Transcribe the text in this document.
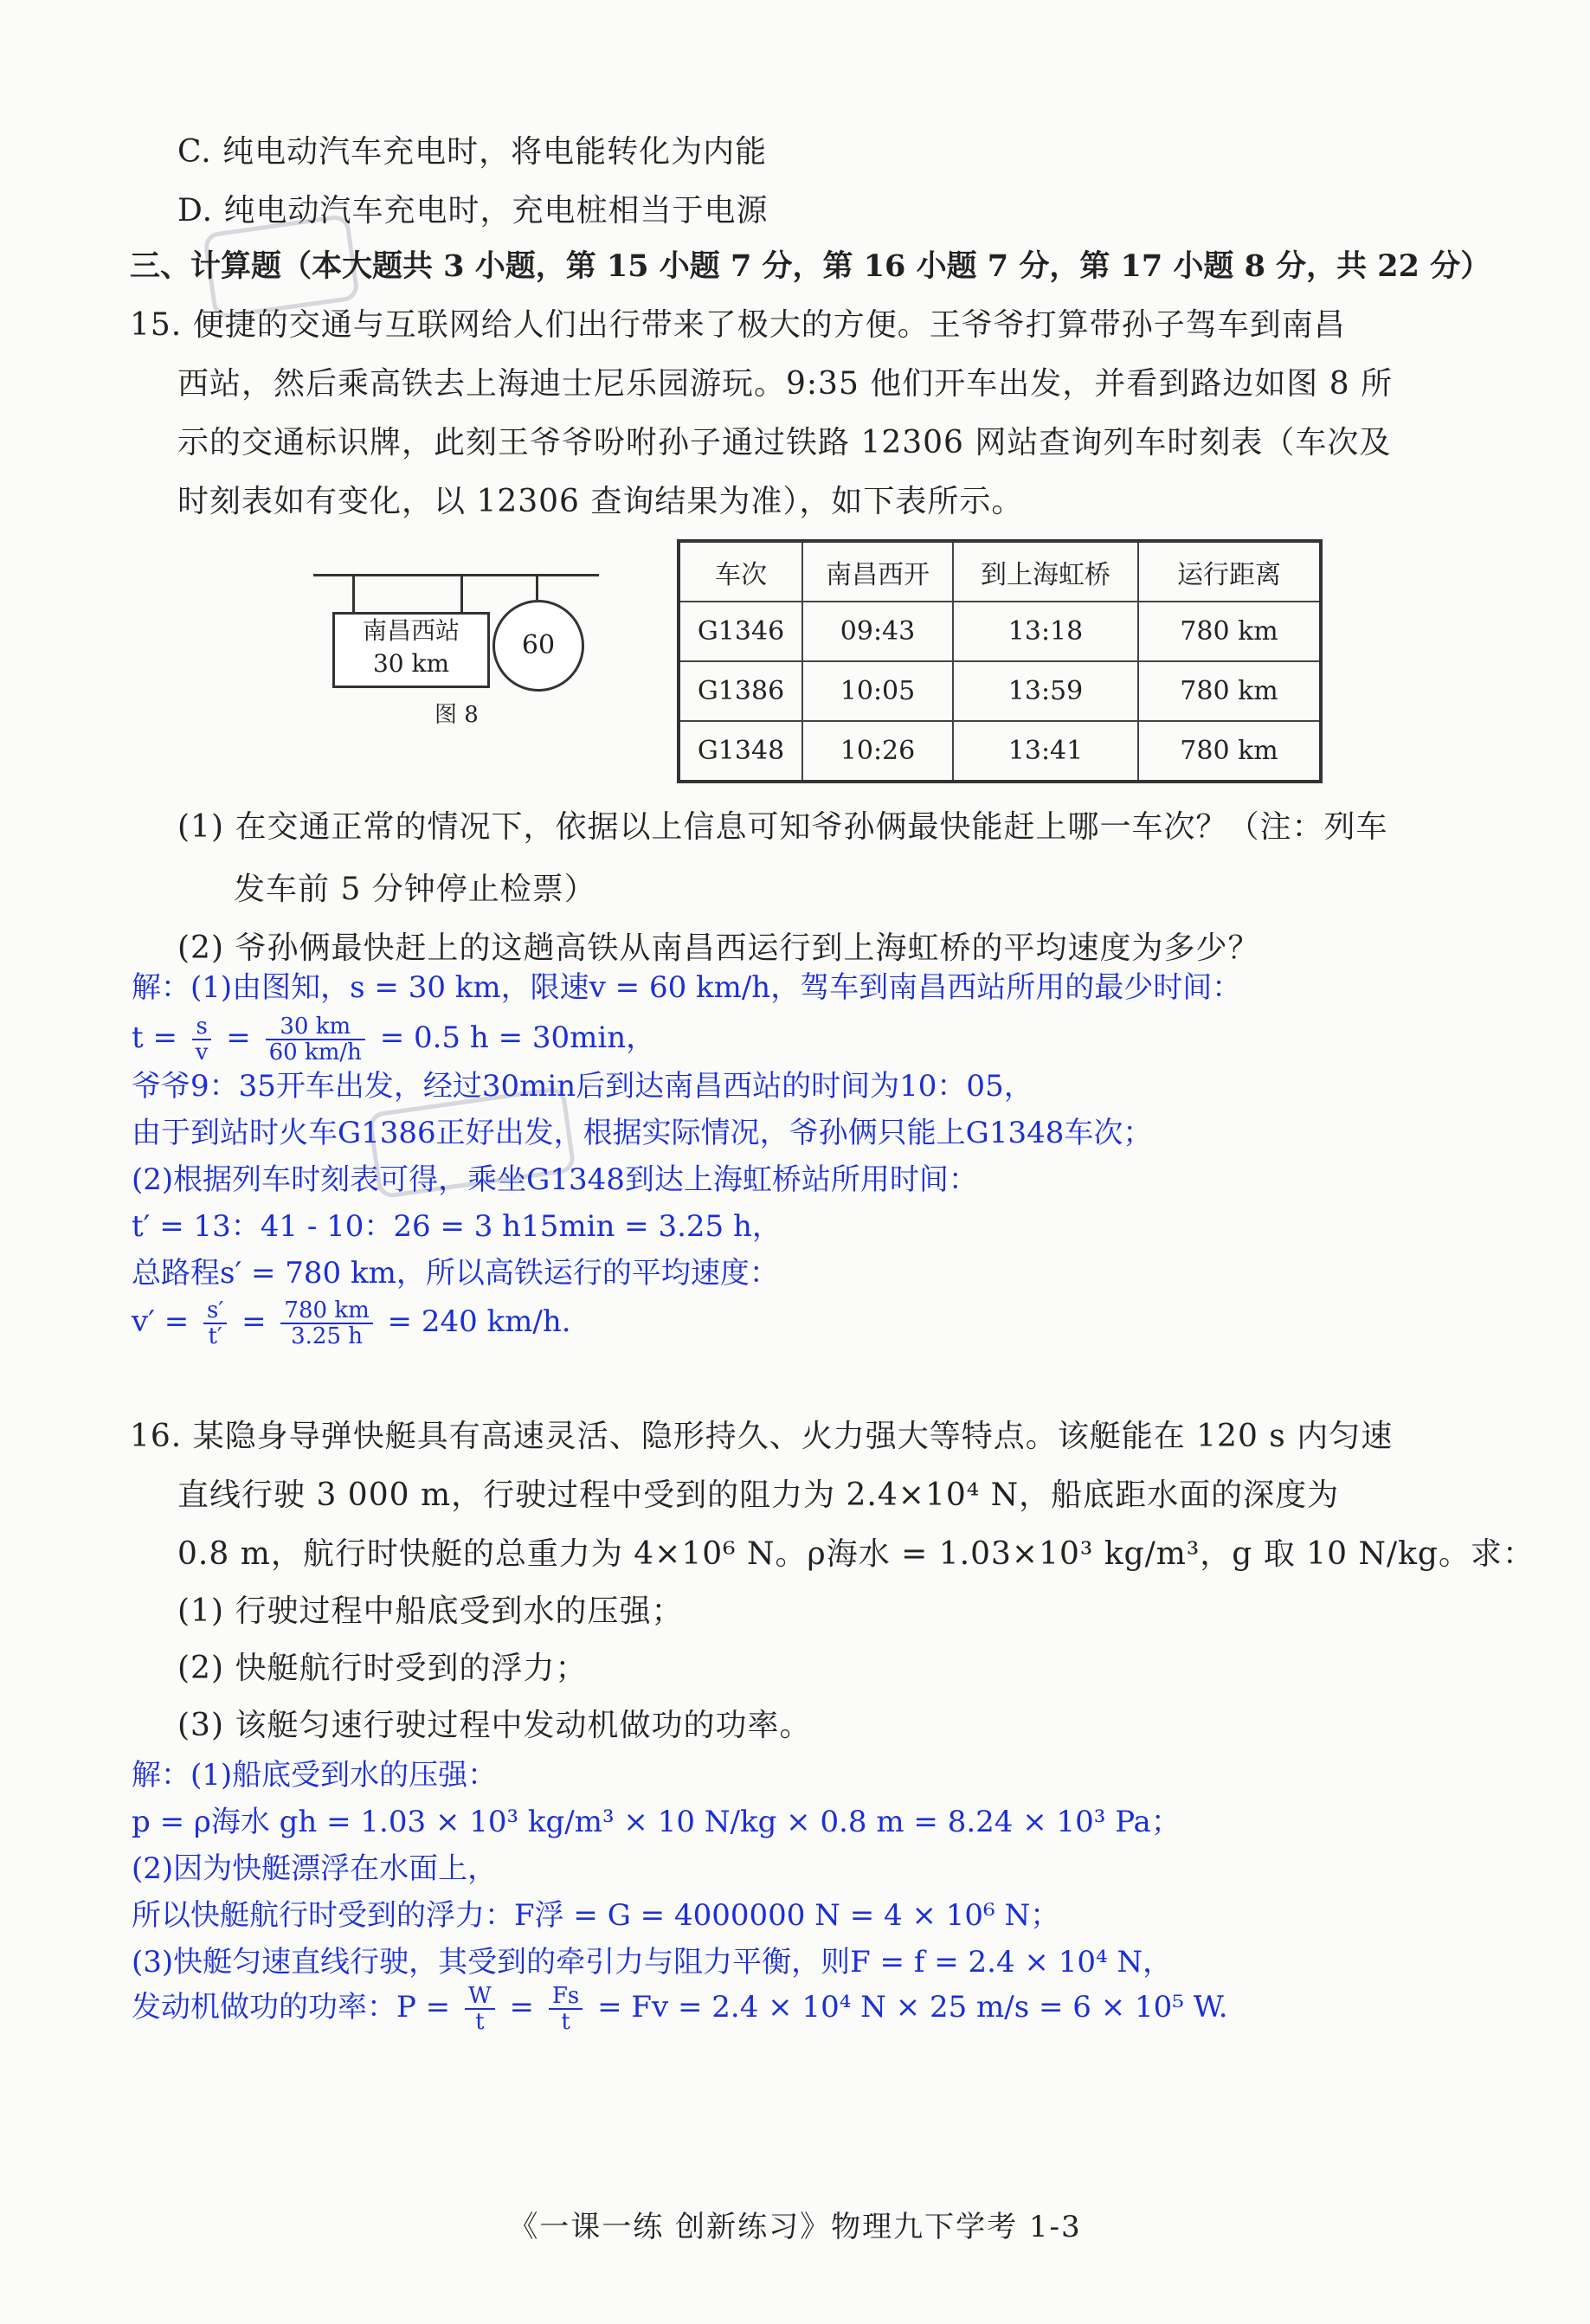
C. 纯电动汽车充电时，将电能转化为内能
D. 纯电动汽车充电时，充电桩相当于电源
三、计算题（本大题共 3 小题，第 15 小题 7 分，第 16 小题 7 分，第 17 小题 8 分，共 22 分）
15. 便捷的交通与互联网给人们出行带来了极大的方便。王爷爷打算带孙子驾车到南昌
西站，然后乘高铁去上海迪士尼乐园游玩。9:35 他们开车出发，并看到路边如图 8 所
示的交通标识牌，此刻王爷爷吩咐孙子通过铁路 12306 网站查询列车时刻表（车次及
时刻表如有变化，以 12306 查询结果为准），如下表所示。
南昌西站
30 km
60
图 8
车次	南昌西开	到上海虹桥	运行距离
G1346	09:43	13:18	780 km
G1386	10:05	13:59	780 km
G1348	10:26	13:41	780 km
(1) 在交通正常的情况下，依据以上信息可知爷孙俩最快能赶上哪一车次？（注：列车
发车前 5 分钟停止检票）
(2) 爷孙俩最快赶上的这趟高铁从南昌西运行到上海虹桥的平均速度为多少？
解：(1)由图知，s = 30 km，限速v = 60 km/h，驾车到南昌西站所用的最少时间：
$t = \frac{s}{v} = \frac{30 km}{60 km/h} = 0.5$ h = 30min，
爷爷9：35开车出发，经过30min后到达南昌西站的时间为10：05，
由于到站时火车G1386正好出发，根据实际情况，爷孙俩只能上G1348车次；
(2)根据列车时刻表可得，乘坐G1348到达上海虹桥站所用时间：
t′ = 13：41 - 10：26 = 3 h15min = 3.25 h，
总路程s′ = 780 km，所以高铁运行的平均速度：
$v' = \frac{s'}{t'} = \frac{780 km}{3.25 h} = 240$ km/h.
16. 某隐身导弹快艇具有高速灵活、隐形持久、火力强大等特点。该艇能在 120 s 内匀速
直线行驶 3 000 m，行驶过程中受到的阻力为 2.4×10⁴ N，船底距水面的深度为
0.8 m，航行时快艇的总重力为 4×10⁶ N。ρ海水 = 1.03×10³ kg/m³，g 取 10 N/kg。求：
(1) 行驶过程中船底受到水的压强；
(2) 快艇航行时受到的浮力；
(3) 该艇匀速行驶过程中发动机做功的功率。
解：(1)船底受到水的压强：
p = ρ海水 gh = 1.03 × 10³ kg/m³ × 10 N/kg × 0.8 m = 8.24 × 10³ Pa；
(2)因为快艇漂浮在水面上，
所以快艇航行时受到的浮力：F浮 = G = 4000000 N = 4 × 10⁶ N；
(3)快艇匀速直线行驶，其受到的牵引力与阻力平衡，则F = f = 2.4 × 10⁴ N，
发动机做功的功率：$P = \frac{W}{t} = \frac{Fs}{t} = Fv = 2.4 \times 10^4$ N × 25 m/s = 6 × 10⁵ W.
《一课一练 创新练习》物理九下学考 1-3
